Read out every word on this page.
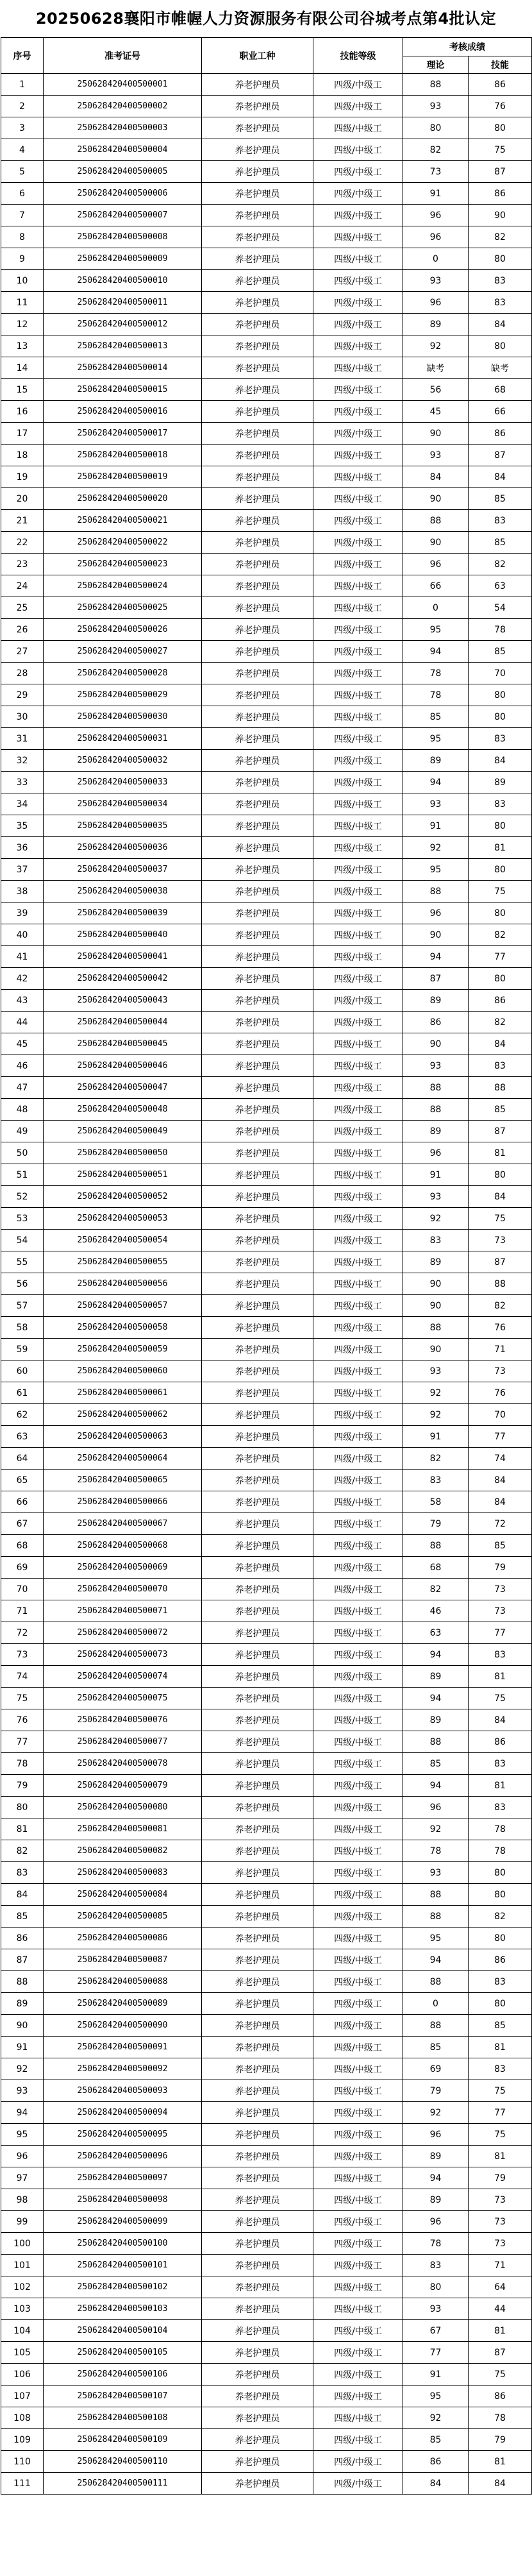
20250628襄阳市帷幄人力资源服务有限公司谷城考点第4批认定
序号	准考证号	职业工种	技能等级	考核成绩	
				理论	技能
1	250628420400500001	养老护理员	四级/中级工	88	86
2	250628420400500002	养老护理员	四级/中级工	93	76
3	250628420400500003	养老护理员	四级/中级工	80	80
4	250628420400500004	养老护理员	四级/中级工	82	75
5	250628420400500005	养老护理员	四级/中级工	73	87
6	250628420400500006	养老护理员	四级/中级工	91	86
7	250628420400500007	养老护理员	四级/中级工	96	90
8	250628420400500008	养老护理员	四级/中级工	96	82
9	250628420400500009	养老护理员	四级/中级工	0	80
10	250628420400500010	养老护理员	四级/中级工	93	83
11	250628420400500011	养老护理员	四级/中级工	96	83
12	250628420400500012	养老护理员	四级/中级工	89	84
13	250628420400500013	养老护理员	四级/中级工	92	80
14	250628420400500014	养老护理员	四级/中级工	缺考	缺考
15	250628420400500015	养老护理员	四级/中级工	56	68
16	250628420400500016	养老护理员	四级/中级工	45	66
17	250628420400500017	养老护理员	四级/中级工	90	86
18	250628420400500018	养老护理员	四级/中级工	93	87
19	250628420400500019	养老护理员	四级/中级工	84	84
20	250628420400500020	养老护理员	四级/中级工	90	85
21	250628420400500021	养老护理员	四级/中级工	88	83
22	250628420400500022	养老护理员	四级/中级工	90	85
23	250628420400500023	养老护理员	四级/中级工	96	82
24	250628420400500024	养老护理员	四级/中级工	66	63
25	250628420400500025	养老护理员	四级/中级工	0	54
26	250628420400500026	养老护理员	四级/中级工	95	78
27	250628420400500027	养老护理员	四级/中级工	94	85
28	250628420400500028	养老护理员	四级/中级工	78	70
29	250628420400500029	养老护理员	四级/中级工	78	80
30	250628420400500030	养老护理员	四级/中级工	85	80
31	250628420400500031	养老护理员	四级/中级工	95	83
32	250628420400500032	养老护理员	四级/中级工	89	84
33	250628420400500033	养老护理员	四级/中级工	94	89
34	250628420400500034	养老护理员	四级/中级工	93	83
35	250628420400500035	养老护理员	四级/中级工	91	80
36	250628420400500036	养老护理员	四级/中级工	92	81
37	250628420400500037	养老护理员	四级/中级工	95	80
38	250628420400500038	养老护理员	四级/中级工	88	75
39	250628420400500039	养老护理员	四级/中级工	96	80
40	250628420400500040	养老护理员	四级/中级工	90	82
41	250628420400500041	养老护理员	四级/中级工	94	77
42	250628420400500042	养老护理员	四级/中级工	87	80
43	250628420400500043	养老护理员	四级/中级工	89	86
44	250628420400500044	养老护理员	四级/中级工	86	82
45	250628420400500045	养老护理员	四级/中级工	90	84
46	250628420400500046	养老护理员	四级/中级工	93	83
47	250628420400500047	养老护理员	四级/中级工	88	88
48	250628420400500048	养老护理员	四级/中级工	88	85
49	250628420400500049	养老护理员	四级/中级工	89	87
50	250628420400500050	养老护理员	四级/中级工	96	81
51	250628420400500051	养老护理员	四级/中级工	91	80
52	250628420400500052	养老护理员	四级/中级工	93	84
53	250628420400500053	养老护理员	四级/中级工	92	75
54	250628420400500054	养老护理员	四级/中级工	83	73
55	250628420400500055	养老护理员	四级/中级工	89	87
56	250628420400500056	养老护理员	四级/中级工	90	88
57	250628420400500057	养老护理员	四级/中级工	90	82
58	250628420400500058	养老护理员	四级/中级工	88	76
59	250628420400500059	养老护理员	四级/中级工	90	71
60	250628420400500060	养老护理员	四级/中级工	93	73
61	250628420400500061	养老护理员	四级/中级工	92	76
62	250628420400500062	养老护理员	四级/中级工	92	70
63	250628420400500063	养老护理员	四级/中级工	91	77
64	250628420400500064	养老护理员	四级/中级工	82	74
65	250628420400500065	养老护理员	四级/中级工	83	84
66	250628420400500066	养老护理员	四级/中级工	58	84
67	250628420400500067	养老护理员	四级/中级工	79	72
68	250628420400500068	养老护理员	四级/中级工	88	85
69	250628420400500069	养老护理员	四级/中级工	68	79
70	250628420400500070	养老护理员	四级/中级工	82	73
71	250628420400500071	养老护理员	四级/中级工	46	73
72	250628420400500072	养老护理员	四级/中级工	63	77
73	250628420400500073	养老护理员	四级/中级工	94	83
74	250628420400500074	养老护理员	四级/中级工	89	81
75	250628420400500075	养老护理员	四级/中级工	94	75
76	250628420400500076	养老护理员	四级/中级工	89	84
77	250628420400500077	养老护理员	四级/中级工	88	86
78	250628420400500078	养老护理员	四级/中级工	85	83
79	250628420400500079	养老护理员	四级/中级工	94	81
80	250628420400500080	养老护理员	四级/中级工	96	83
81	250628420400500081	养老护理员	四级/中级工	92	78
82	250628420400500082	养老护理员	四级/中级工	78	78
83	250628420400500083	养老护理员	四级/中级工	93	80
84	250628420400500084	养老护理员	四级/中级工	88	80
85	250628420400500085	养老护理员	四级/中级工	88	82
86	250628420400500086	养老护理员	四级/中级工	95	80
87	250628420400500087	养老护理员	四级/中级工	94	86
88	250628420400500088	养老护理员	四级/中级工	88	83
89	250628420400500089	养老护理员	四级/中级工	0	80
90	250628420400500090	养老护理员	四级/中级工	88	85
91	250628420400500091	养老护理员	四级/中级工	85	81
92	250628420400500092	养老护理员	四级/中级工	69	83
93	250628420400500093	养老护理员	四级/中级工	79	75
94	250628420400500094	养老护理员	四级/中级工	92	77
95	250628420400500095	养老护理员	四级/中级工	96	75
96	250628420400500096	养老护理员	四级/中级工	89	81
97	250628420400500097	养老护理员	四级/中级工	94	79
98	250628420400500098	养老护理员	四级/中级工	89	73
99	250628420400500099	养老护理员	四级/中级工	96	73
100	250628420400500100	养老护理员	四级/中级工	78	73
101	250628420400500101	养老护理员	四级/中级工	83	71
102	250628420400500102	养老护理员	四级/中级工	80	64
103	250628420400500103	养老护理员	四级/中级工	93	44
104	250628420400500104	养老护理员	四级/中级工	67	81
105	250628420400500105	养老护理员	四级/中级工	77	87
106	250628420400500106	养老护理员	四级/中级工	91	75
107	250628420400500107	养老护理员	四级/中级工	95	86
108	250628420400500108	养老护理员	四级/中级工	92	78
109	250628420400500109	养老护理员	四级/中级工	85	79
110	250628420400500110	养老护理员	四级/中级工	86	81
111	250628420400500111	养老护理员	四级/中级工	84	84
